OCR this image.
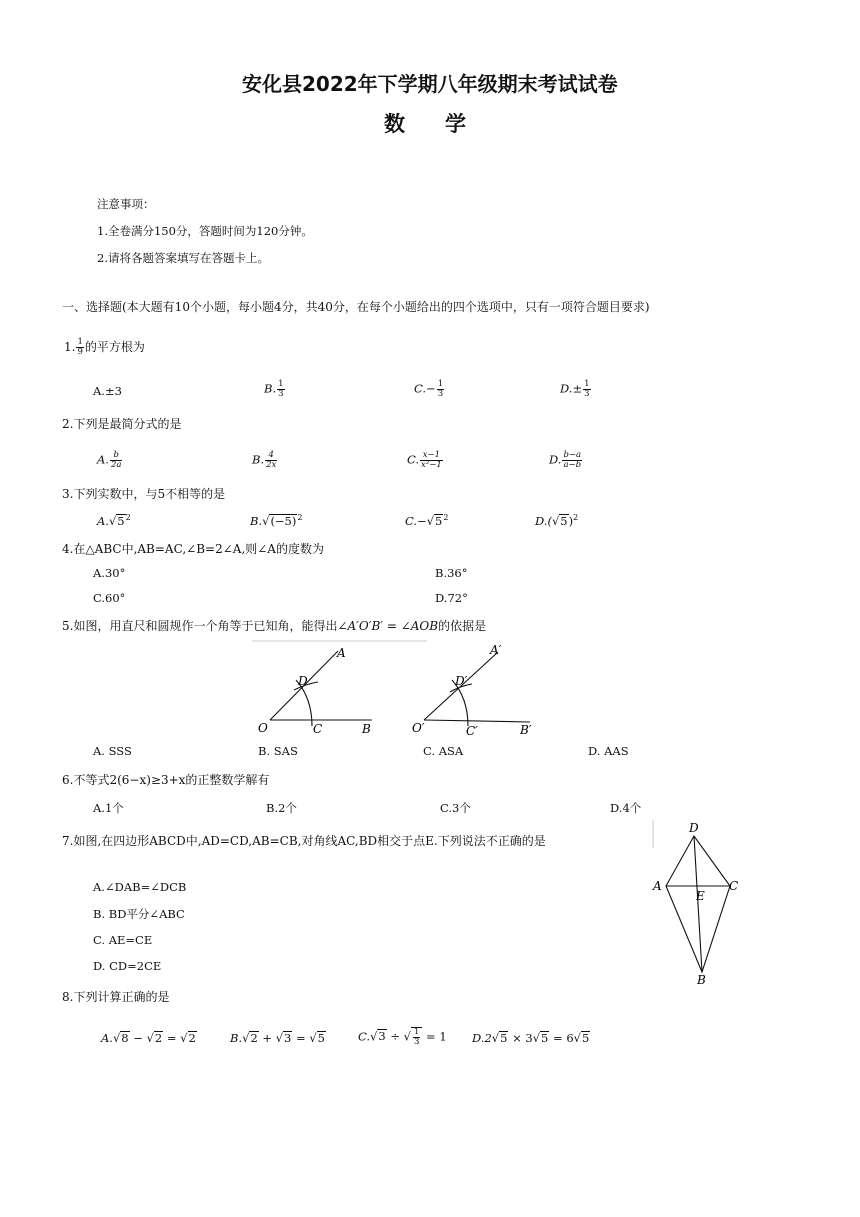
安化县2022年下学期八年级期末考试试卷
数学
注意事项：
1.全卷满分150分，答题时间为120分钟。
2.请将各题答案填写在答题卡上。
一、选择题(本大题有10个小题，每小题4分，共40分，在每个小题给出的四个选项中，只有一项符合题目要求)
1. $\frac{1}{9}$ 的平方根为
A.±3	B. $\frac{1}{3}$	$C.- \frac{1}{3}$	$D.\pm \frac{1}{3}$
2.下列是最简分式的是
A. $\frac{b}{2a}$	B. $\frac{4}{2x}$	C. $\frac{x-1}{\text{x²−1}}$	D. $\frac{b-a}{a-b}$
3.下列实数中，与5不相等的是
$A.√5^2$	$B.√(-5)^2$	$C.-√5^2$	$D.(√5)^2$
4.在△ABC中,AB=AC,∠B=2∠A,则∠A的度数为
A.30°	B.36°
C.60°	D.72°
5.如图，用直尺和圆规作一个角等于已知角，能得出∠A′O′B′ = ∠AOB的依据是
A
D
O	C	B
A′
D′
O′	C′	B′
A. SSS	B. SAS	C. ASA	D. AAS
6.不等式2(6−x)≥3+x的正整数学解有
A.1个	B.2个	C.3个	D.4个
7.如图,在四边形ABCD中,AD=CD,AB=CB,对角线AC,BD相交于点E.下列说法不正确的是
A.∠DAB=∠DCB
B. BD平分∠ABC
C. AE=CE
D. CD=2CE
D
A
E
C
B
8.下列计算正确的是
A.√8 − √2 = √2	B.√2 + √3 = √5	C.√3 ÷ √ $\frac{1}{3} = 1$ D.2√5 × 3√5 = 6√5
